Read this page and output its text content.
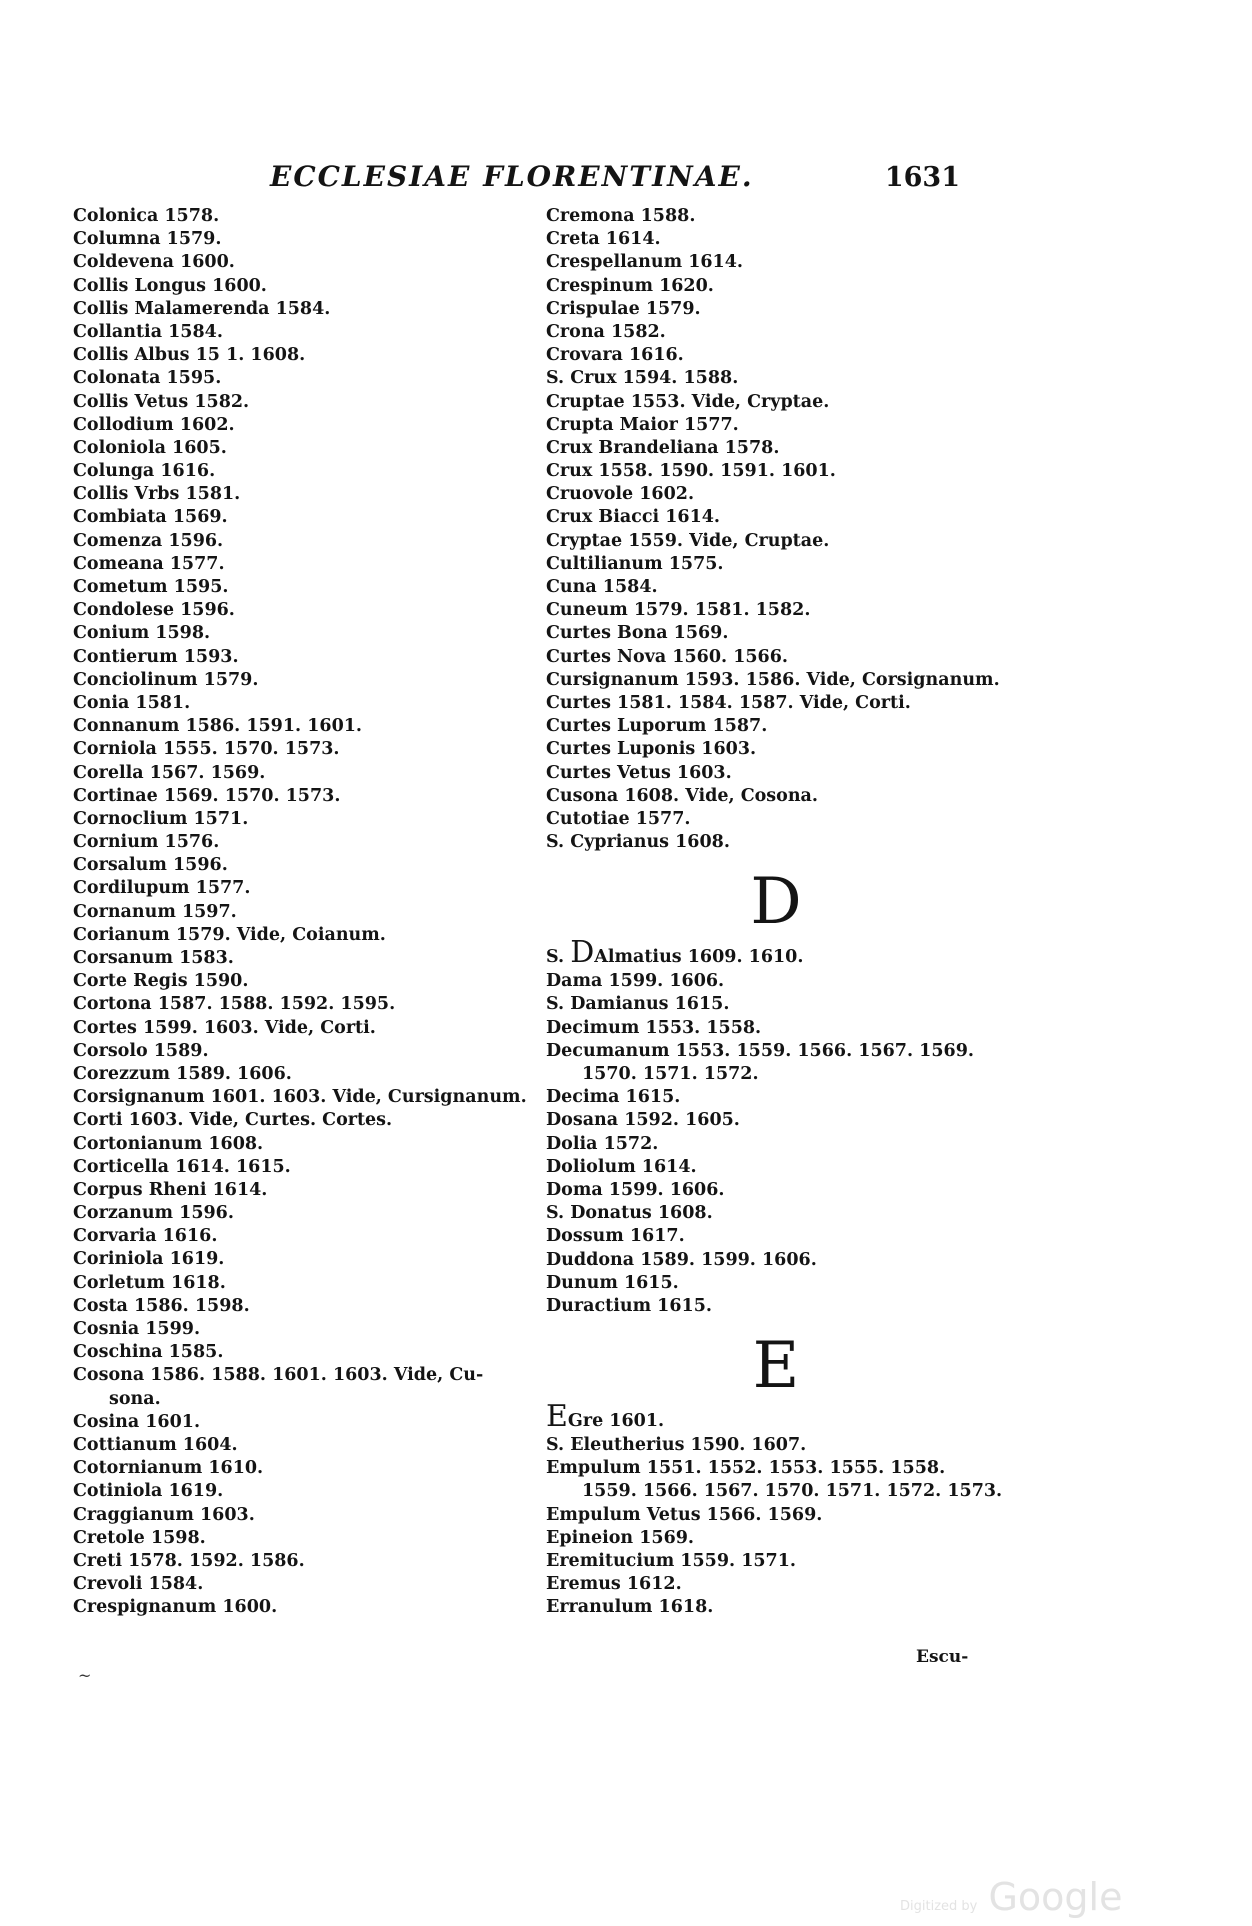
ECCLESIAE FLORENTINAE.	1631
Colonica 1578.
Columna 1579.
Coldevena 1600.
Collis Longus 1600.
Collis Malamerenda 1584.
Collantia 1584.
Collis Albus 15 1. 1608.
Colonata 1595.
Collis Vetus 1582.
Collodium 1602.
Coloniola 1605.
Colunga 1616.
Collis Vrbs 1581.
Combiata 1569.
Comenza 1596.
Comeana 1577.
Cometum 1595.
Condolese 1596.
Conium 1598.
Contierum 1593.
Conciolinum 1579.
Conia 1581.
Connanum 1586. 1591. 1601.
Corniola 1555. 1570. 1573.
Corella 1567. 1569.
Cortinae 1569. 1570. 1573.
Cornoclium 1571.
Cornium 1576.
Corsalum 1596.
Cordilupum 1577.
Cornanum 1597.
Corianum 1579. Vide, Coianum.
Corsanum 1583.
Corte Regis 1590.
Cortona 1587. 1588. 1592. 1595.
Cortes 1599. 1603. Vide, Corti.
Corsolo 1589.
Corezzum 1589. 1606.
Corsignanum 1601. 1603. Vide, Cursignanum.
Corti 1603. Vide, Curtes. Cortes.
Cortonianum 1608.
Corticella 1614. 1615.
Corpus Rheni 1614.
Corzanum 1596.
Corvaria 1616.
Coriniola 1619.
Corletum 1618.
Costa 1586. 1598.
Cosnia 1599.
Coschina 1585.
Cosona 1586. 1588. 1601. 1603. Vide, Cu-
sona.
Cosina 1601.
Cottianum 1604.
Cotornianum 1610.
Cotiniola 1619.
Craggianum 1603.
Cretole 1598.
Creti 1578. 1592. 1586.
Crevoli 1584.
Crespignanum 1600.
Cremona 1588.
Creta 1614.
Crespellanum 1614.
Crespinum 1620.
Crispulae 1579.
Crona 1582.
Crovara 1616.
S. Crux 1594. 1588.
Cruptae 1553. Vide, Cryptae.
Crupta Maior 1577.
Crux Brandeliana 1578.
Crux 1558. 1590. 1591. 1601.
Cruovole 1602.
Crux Biacci 1614.
Cryptae 1559. Vide, Cruptae.
Cultilianum 1575.
Cuna 1584.
Cuneum 1579. 1581. 1582.
Curtes Bona 1569.
Curtes Nova 1560. 1566.
Cursignanum 1593. 1586. Vide, Corsignanum.
Curtes 1581. 1584. 1587. Vide, Corti.
Curtes Luporum 1587.
Curtes Luponis 1603.
Curtes Vetus 1603.
Cusona 1608. Vide, Cosona.
Cutotiae 1577.
S. Cyprianus 1608.
D
S. DAlmatius 1609. 1610.
Dama 1599. 1606.
S. Damianus 1615.
Decimum 1553. 1558.
Decumanum 1553. 1559. 1566. 1567. 1569.
1570. 1571. 1572.
Decima 1615.
Dosana 1592. 1605.
Dolia 1572.
Doliolum 1614.
Doma 1599. 1606.
S. Donatus 1608.
Dossum 1617.
Duddona 1589. 1599. 1606.
Dunum 1615.
Duractium 1615.
E
EGre 1601.
S. Eleutherius 1590. 1607.
Empulum 1551. 1552. 1553. 1555. 1558.
1559. 1566. 1567. 1570. 1571. 1572. 1573.
Empulum Vetus 1566. 1569.
Epineion 1569.
Eremitucium 1559. 1571.
Eremus 1612.
Erranulum 1618.
Escu-
~
Digitized by Google
